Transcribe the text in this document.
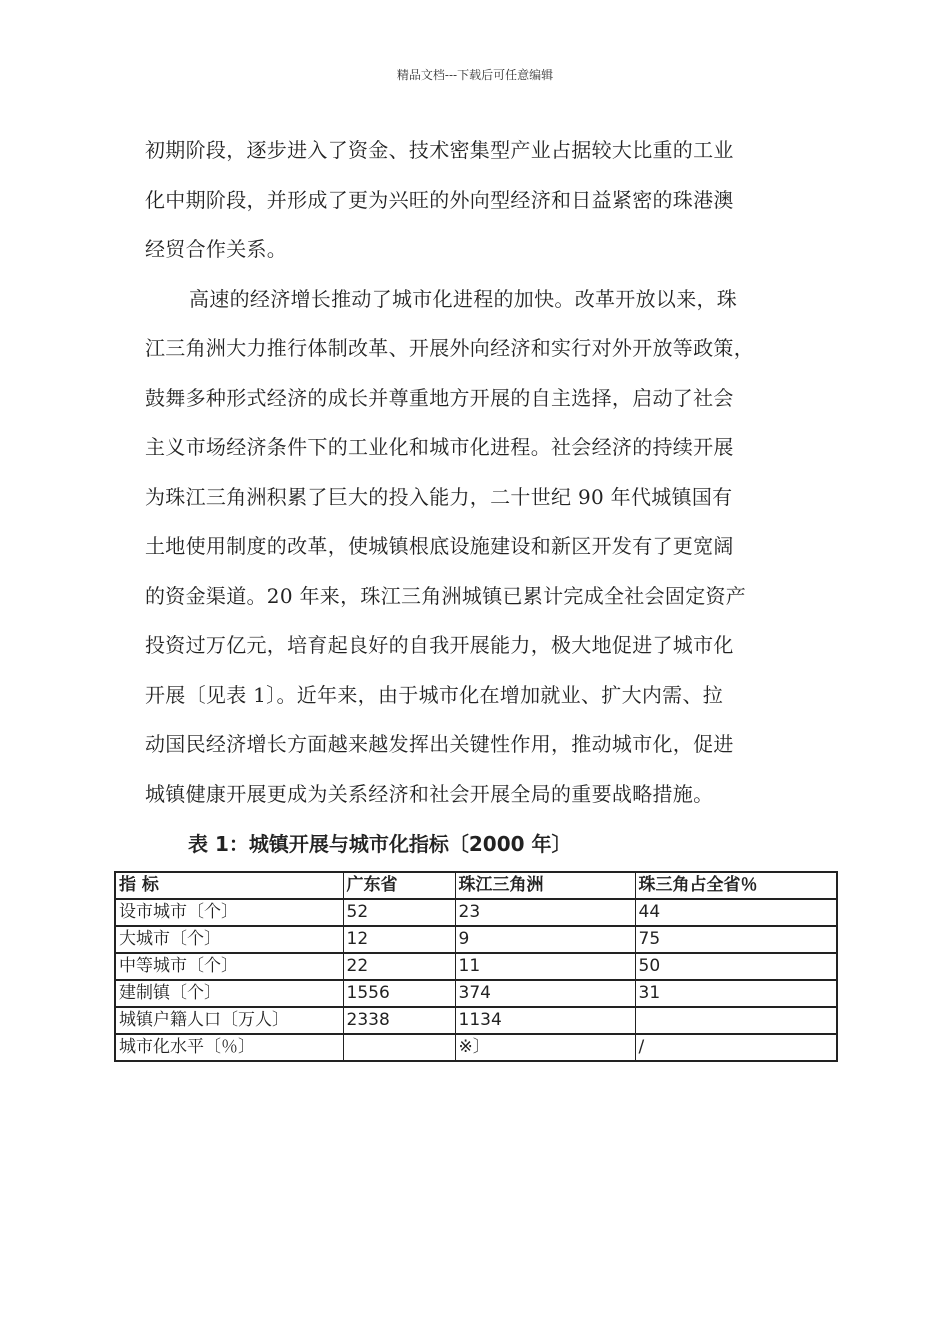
精品文档---下载后可任意编辑
初期阶段，逐步进入了资金、技术密集型产业占据较大比重的工业
化中期阶段，并形成了更为兴旺的外向型经济和日益紧密的珠港澳
经贸合作关系。
高速的经济增长推动了城市化进程的加快。改革开放以来，珠
江三角洲大力推行体制改革、开展外向经济和实行对外开放等政策，
鼓舞多种形式经济的成长并尊重地方开展的自主选择，启动了社会
主义市场经济条件下的工业化和城市化进程。社会经济的持续开展
为珠江三角洲积累了巨大的投入能力，二十世纪 90 年代城镇国有
土地使用制度的改革，使城镇根底设施建设和新区开发有了更宽阔
的资金渠道。20 年来，珠江三角洲城镇已累计完成全社会固定资产
投资过万亿元，培育起良好的自我开展能力，极大地促进了城市化
开展〔见表 1〕。近年来，由于城市化在增加就业、扩大内需、拉
动国民经济增长方面越来越发挥出关键性作用，推动城市化，促进
城镇健康开展更成为关系经济和社会开展全局的重要战略措施。
表 1：城镇开展与城市化指标〔2000 年〕
指 标	广东省	珠江三角洲	珠三角占全省％
设市城市〔个〕	52	23	44
大城市〔个〕	12	9	75
中等城市〔个〕	22	11	50
建制镇〔个〕	1556	374	31
城镇户籍人口〔万人〕	2338	1134	
城市化水平〔％〕		※〕	/
